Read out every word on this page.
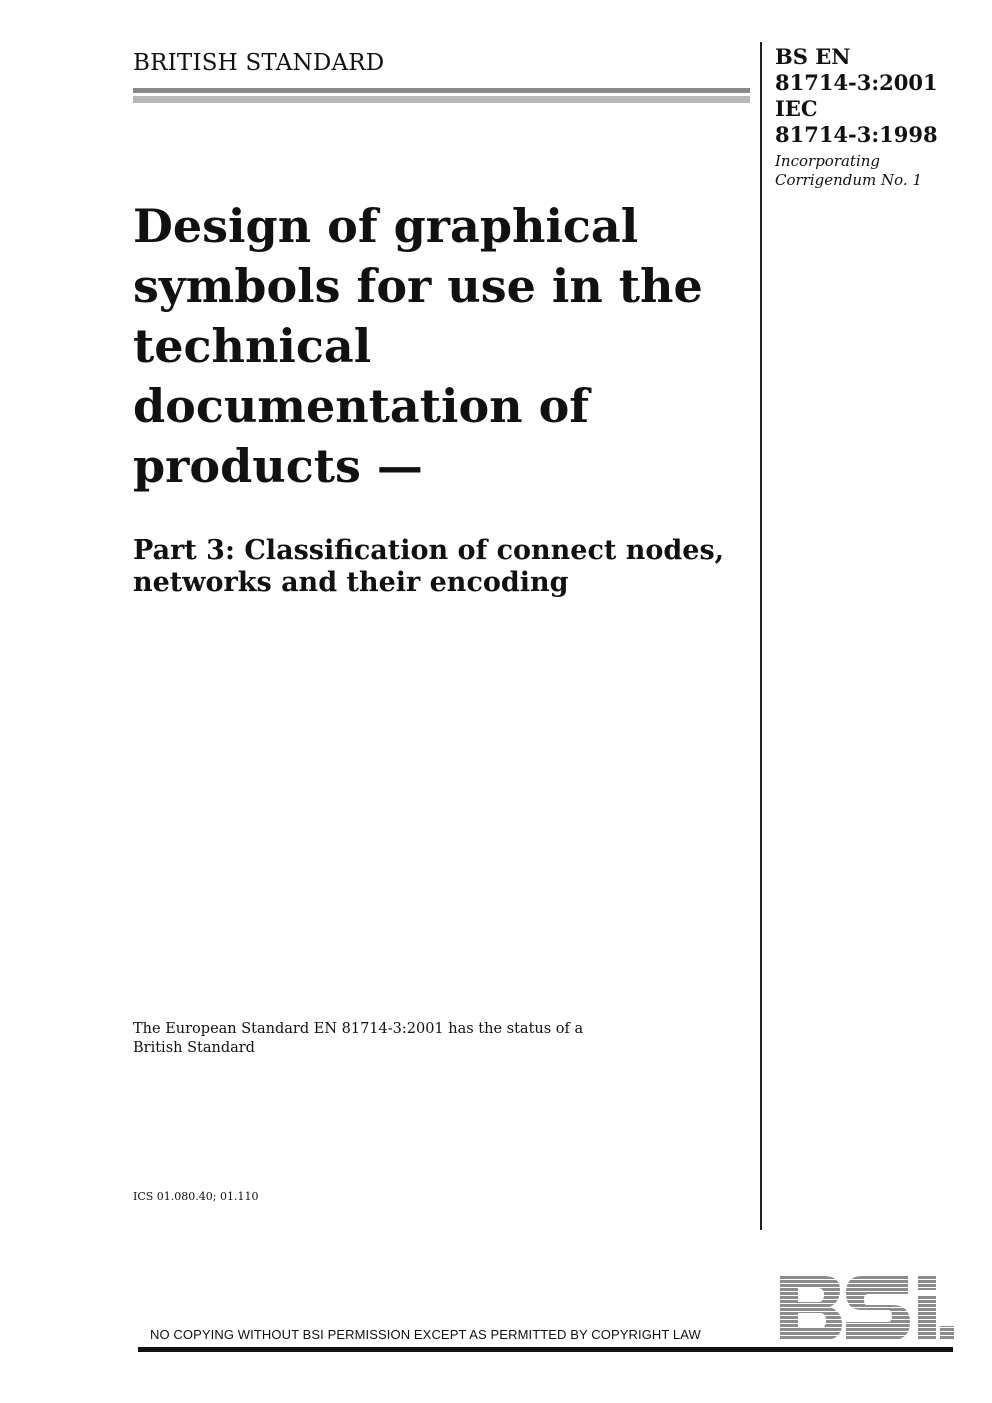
BRITISH STANDARD	BS EN
81714-3:2001
IEC
81714-3:1998
Incorporating
Corrigendum No. 1
Design of graphical
symbols for use in the
technical
documentation of
products —
Part 3: Classification of connect nodes,
networks and their encoding
The European Standard EN 81714-3:2001 has the status of a
British Standard
ICS 01.080.40; 01.110
NO COPYING WITHOUT BSI PERMISSION EXCEPT AS PERMITTED BY COPYRIGHT LAW
